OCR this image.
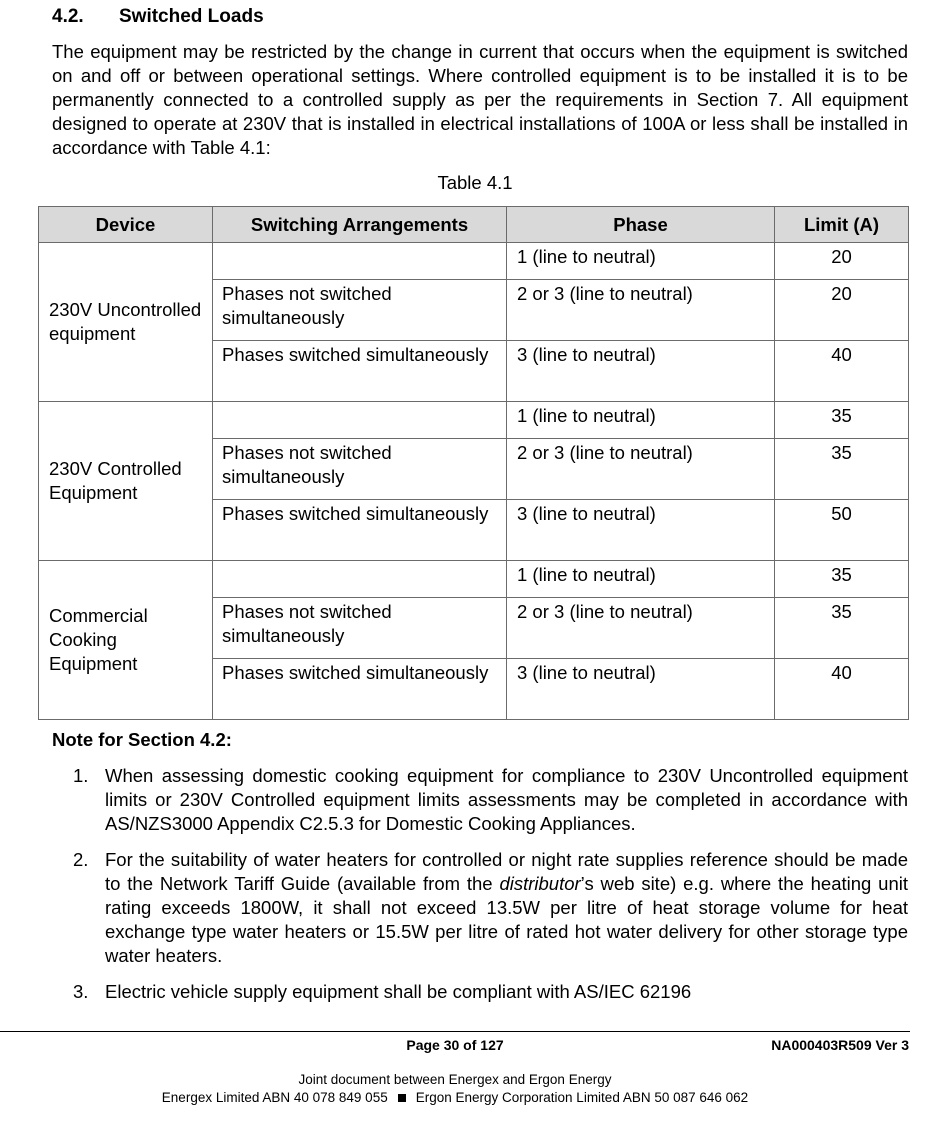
4.2.	Switched Loads

The equipment may be restricted by the change in current that occurs when the equipment is switched on and off or between operational settings. Where controlled equipment is to be installed it is to be permanently connected to a controlled supply as per the requirements in Section 7. All equipment designed to operate at 230V that is installed in electrical installations of 100A or less shall be installed in accordance with Table 4.1:

Table 4.1
Device	Switching Arrangements	Phase	Limit (A)
230V Uncontrolled equipment		1 (line to neutral)	20
	Phases not switched simultaneously	2 or 3 (line to neutral)	20
	Phases switched simultaneously	3 (line to neutral)	40
230V Controlled Equipment		1 (line to neutral)	35
	Phases not switched simultaneously	2 or 3 (line to neutral)	35
	Phases switched simultaneously	3 (line to neutral)	50
Commercial Cooking Equipment		1 (line to neutral)	35
	Phases not switched simultaneously	2 or 3 (line to neutral)	35
	Phases switched simultaneously	3 (line to neutral)	40
Note for Section 4.2:
1. When assessing domestic cooking equipment for compliance to 230V Uncontrolled equipment limits or 230V Controlled equipment limits assessments may be completed in accordance with AS/NZS3000 Appendix C2.5.3 for Domestic Cooking Appliances.
2. For the suitability of water heaters for controlled or night rate supplies reference should be made to the Network Tariff Guide (available from the distributor’s web site) e.g. where the heating unit rating exceeds 1800W, it shall not exceed 13.5W per litre of heat storage volume for heat exchange type water heaters or 15.5W per litre of rated hot water delivery for other storage type water heaters.
3. Electric vehicle supply equipment shall be compliant with AS/IEC 62196
Page 30 of 127	NA000403R509 Ver 3
Joint document between Energex and Ergon Energy
Energex Limited ABN 40 078 849 055 Ergon Energy Corporation Limited ABN 50 087 646 062
